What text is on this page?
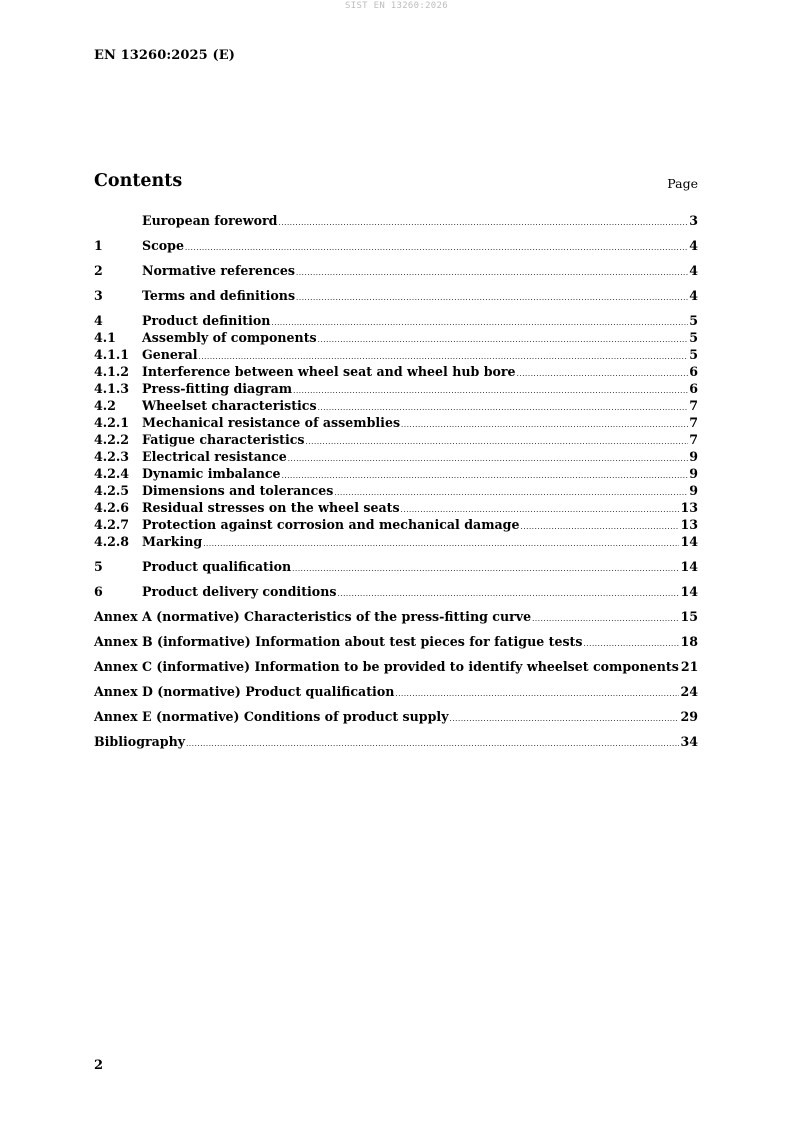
SIST EN 13260:2026
EN 13260:2025 (E)
Contents	Page
European foreword .....	3
1	Scope .....	4
2	Normative references .....	4
3	Terms and definitions .....	4
4	Product definition .....	5
4.1	Assembly of components .....	5
4.1.1	General .....	5
4.1.2	Interference between wheel seat and wheel hub bore .....	6
4.1.3	Press-fitting diagram .....	6
4.2	Wheelset characteristics .....	7
4.2.1	Mechanical resistance of assemblies .....	7
4.2.2	Fatigue characteristics .....	7
4.2.3	Electrical resistance .....	9
4.2.4	Dynamic imbalance .....	9
4.2.5	Dimensions and tolerances .....	9
4.2.6	Residual stresses on the wheel seats .....	13
4.2.7	Protection against corrosion and mechanical damage .....	13
4.2.8	Marking .....	14
5	Product qualification .....	14
6	Product delivery conditions .....	14
Annex A (normative) Characteristics of the press-fitting curve .....	15
Annex B (informative) Information about test pieces for fatigue tests .....	18
Annex C (informative) Information to be provided to identify wheelset components 21
Annex D (normative) Product qualification .....	24
Annex E (normative) Conditions of product supply .....	29
Bibliography .....	34
2
